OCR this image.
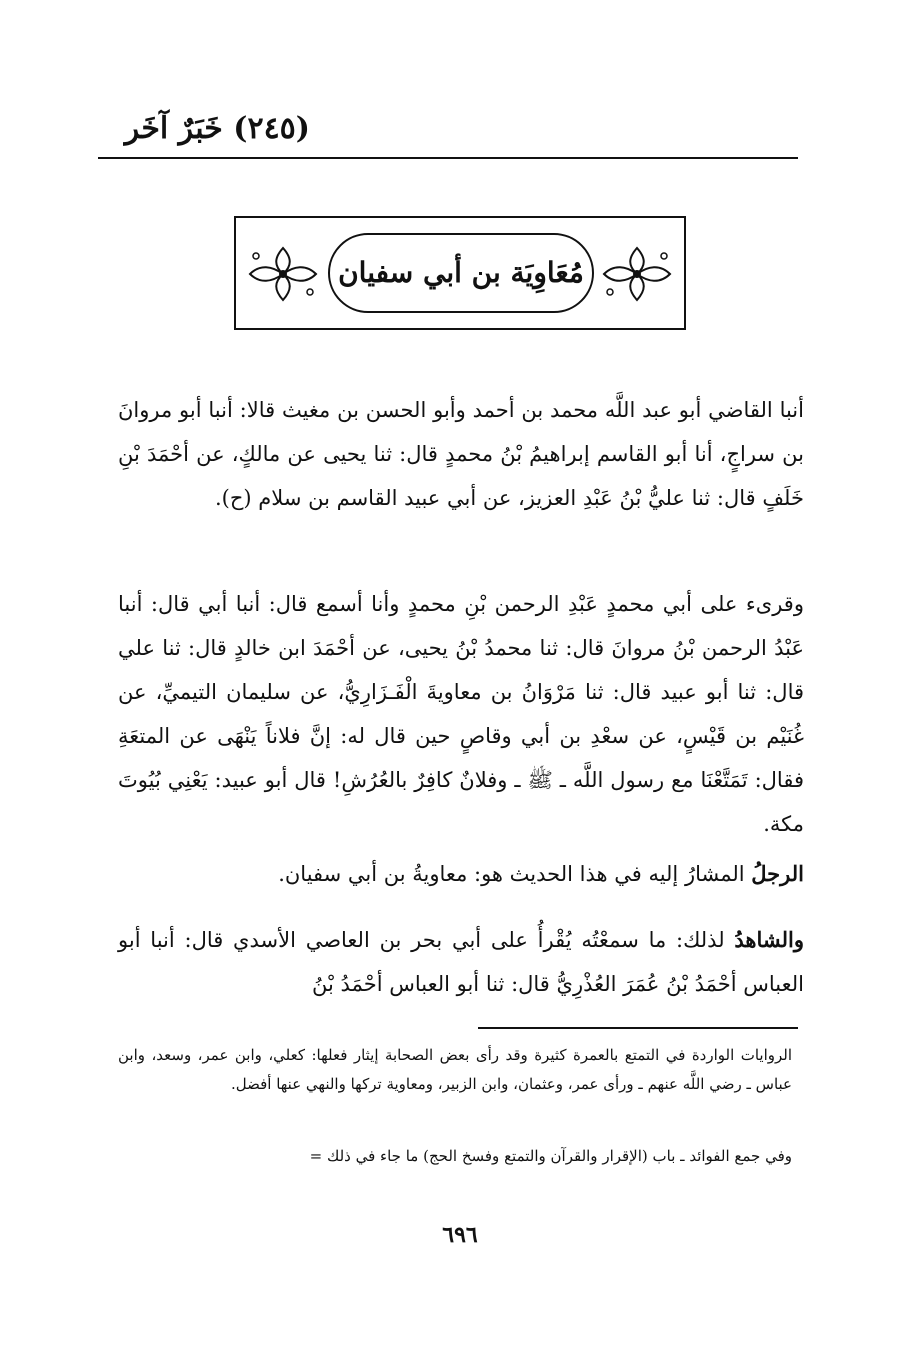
(٢٤٥) خَبَرٌ آخَر
مُعَاوِيَة بن أبي سفيان

أنبا القاضي أبو عبد اللَّه محمد بن أحمد وأبو الحسن بن مغيث قالا: أنبا أبو مروانَ بن سراجٍ، أنا أبو القاسم إبراهيمُ بْنُ محمدٍ قال: ثنا يحيى عن مالكٍ، عن أحْمَدَ بْنِ خَلَفٍ قال: ثنا عليُّ بْنُ عَبْدِ العزيز، عن أبي عبيد القاسم بن سلام (ح).

وقرىء على أبي محمدٍ عَبْدِ الرحمن بْنِ محمدٍ وأنا أسمع قال: أنبا أبي قال: أنبا عَبْدُ الرحمن بْنُ مروانَ قال: ثنا محمدُ بْنُ يحيى، عن أحْمَدَ ابن خالدٍ قال: ثنا علي قال: ثنا أبو عبيد قال: ثنا مَرْوَانُ بن معاويةَ الْفَـزَارِيُّ، عن سليمان التيميِّ، عن غُنَيْم بن قَيْسٍ، عن سعْدِ بن أبي وقاصٍ حين قال له: إنَّ فلاناً يَنْهَى عن المتعَةِ فقال: تَمَتَّعْنَا مع رسول اللَّه ـ ﷺ ـ وفلانٌ كافِرٌ بالعُرُشِ! قال أبو عبيد: يَعْنِي بُيُوتَ مكة.

الرجلُ المشارُ إليه في هذا الحديث هو: معاويةُ بن أبي سفيان.

والشاهدُ لذلك: ما سمعْتُه يُقْرأُ على أبي بحر بن العاصي الأسدي قال: أنبا أبو العباس أحْمَدُ بْنُ عُمَرَ العُذْرِيُّ قال: ثنا أبو العباس أحْمَدُ بْنُ

الروايات الواردة في التمتع بالعمرة كثيرة وقد رأى بعض الصحابة إيثار فعلها: كعلي، وابن عمر، وسعد، وابن عباس ـ رضي اللَّه عنهم ـ ورأى عمر، وعثمان، وابن الزبير، ومعاوية تركها والنهي عنها أفضل.

وفي جمع الفوائد ـ باب (الإقرار والقرآن والتمتع وفسخ الحج) ما جاء في ذلك =

٦٩٦
